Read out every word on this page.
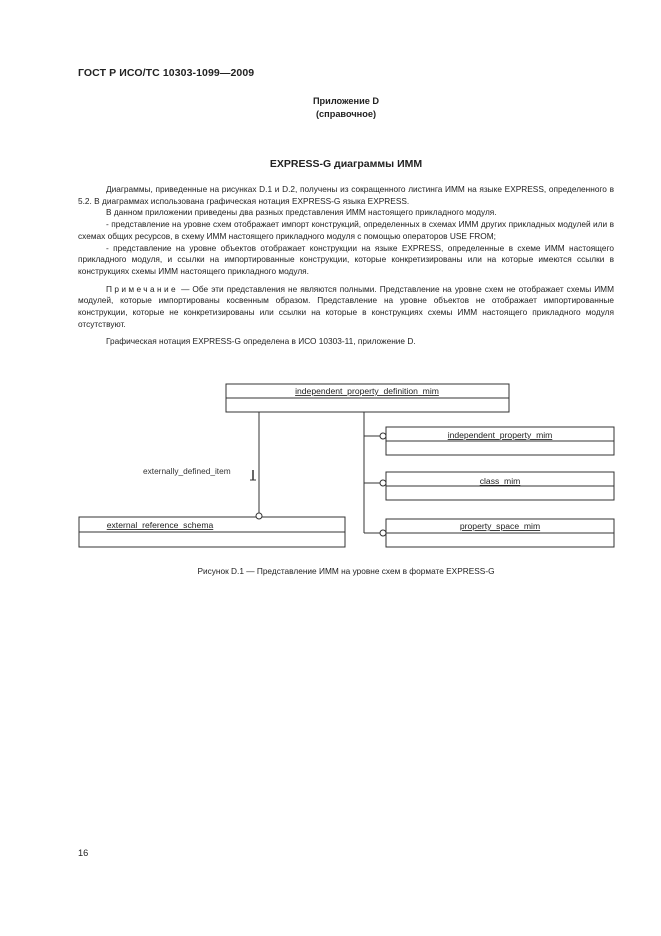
ГОСТ Р ИСО/ТС 10303-1099—2009
Приложение D
(справочное)
EXPRESS-G диаграммы ИММ

Диаграммы, приведенные на рисунках D.1 и D.2, получены из сокращенного листинга ИММ на языке EXPRESS, определенного в 5.2. В диаграммах использована графическая нотация EXPRESS-G языка EXPRESS.

В данном приложении приведены два разных представления ИММ настоящего прикладного модуля.

- представление на уровне схем отображает импорт конструкций, определенных в схемах ИММ других прикладных модулей или в схемах общих ресурсов, в схему ИММ настоящего прикладного модуля с помощью операторов USE FROM;

- представление на уровне объектов отображает конструкции на языке EXPRESS, определенные в схеме ИММ настоящего прикладного модуля, и ссылки на импортированные конструкции, которые конкретизированы или на которые имеются ссылки в конструкциях схемы ИММ настоящего прикладного модуля.

Примечание — Обе эти представления не являются полными. Представление на уровне схем не отображает схемы ИММ модулей, которые импортированы косвенным образом. Представление на уровне объектов не отображает импортированные конструкции, которые не конкретизированы или ссылки на которые в конструкциях схемы ИММ настоящего прикладного модуля отсутствуют.

Графическая нотация EXPRESS-G определена в ИСО 10303-11, приложение D.

independent_property_definition_mim
independent_property_mim
class_mim
property_space_mim
external_reference_schema
externally_defined_item
Рисунок D.1 — Представление ИММ на уровне схем в формате EXPRESS-G
16
